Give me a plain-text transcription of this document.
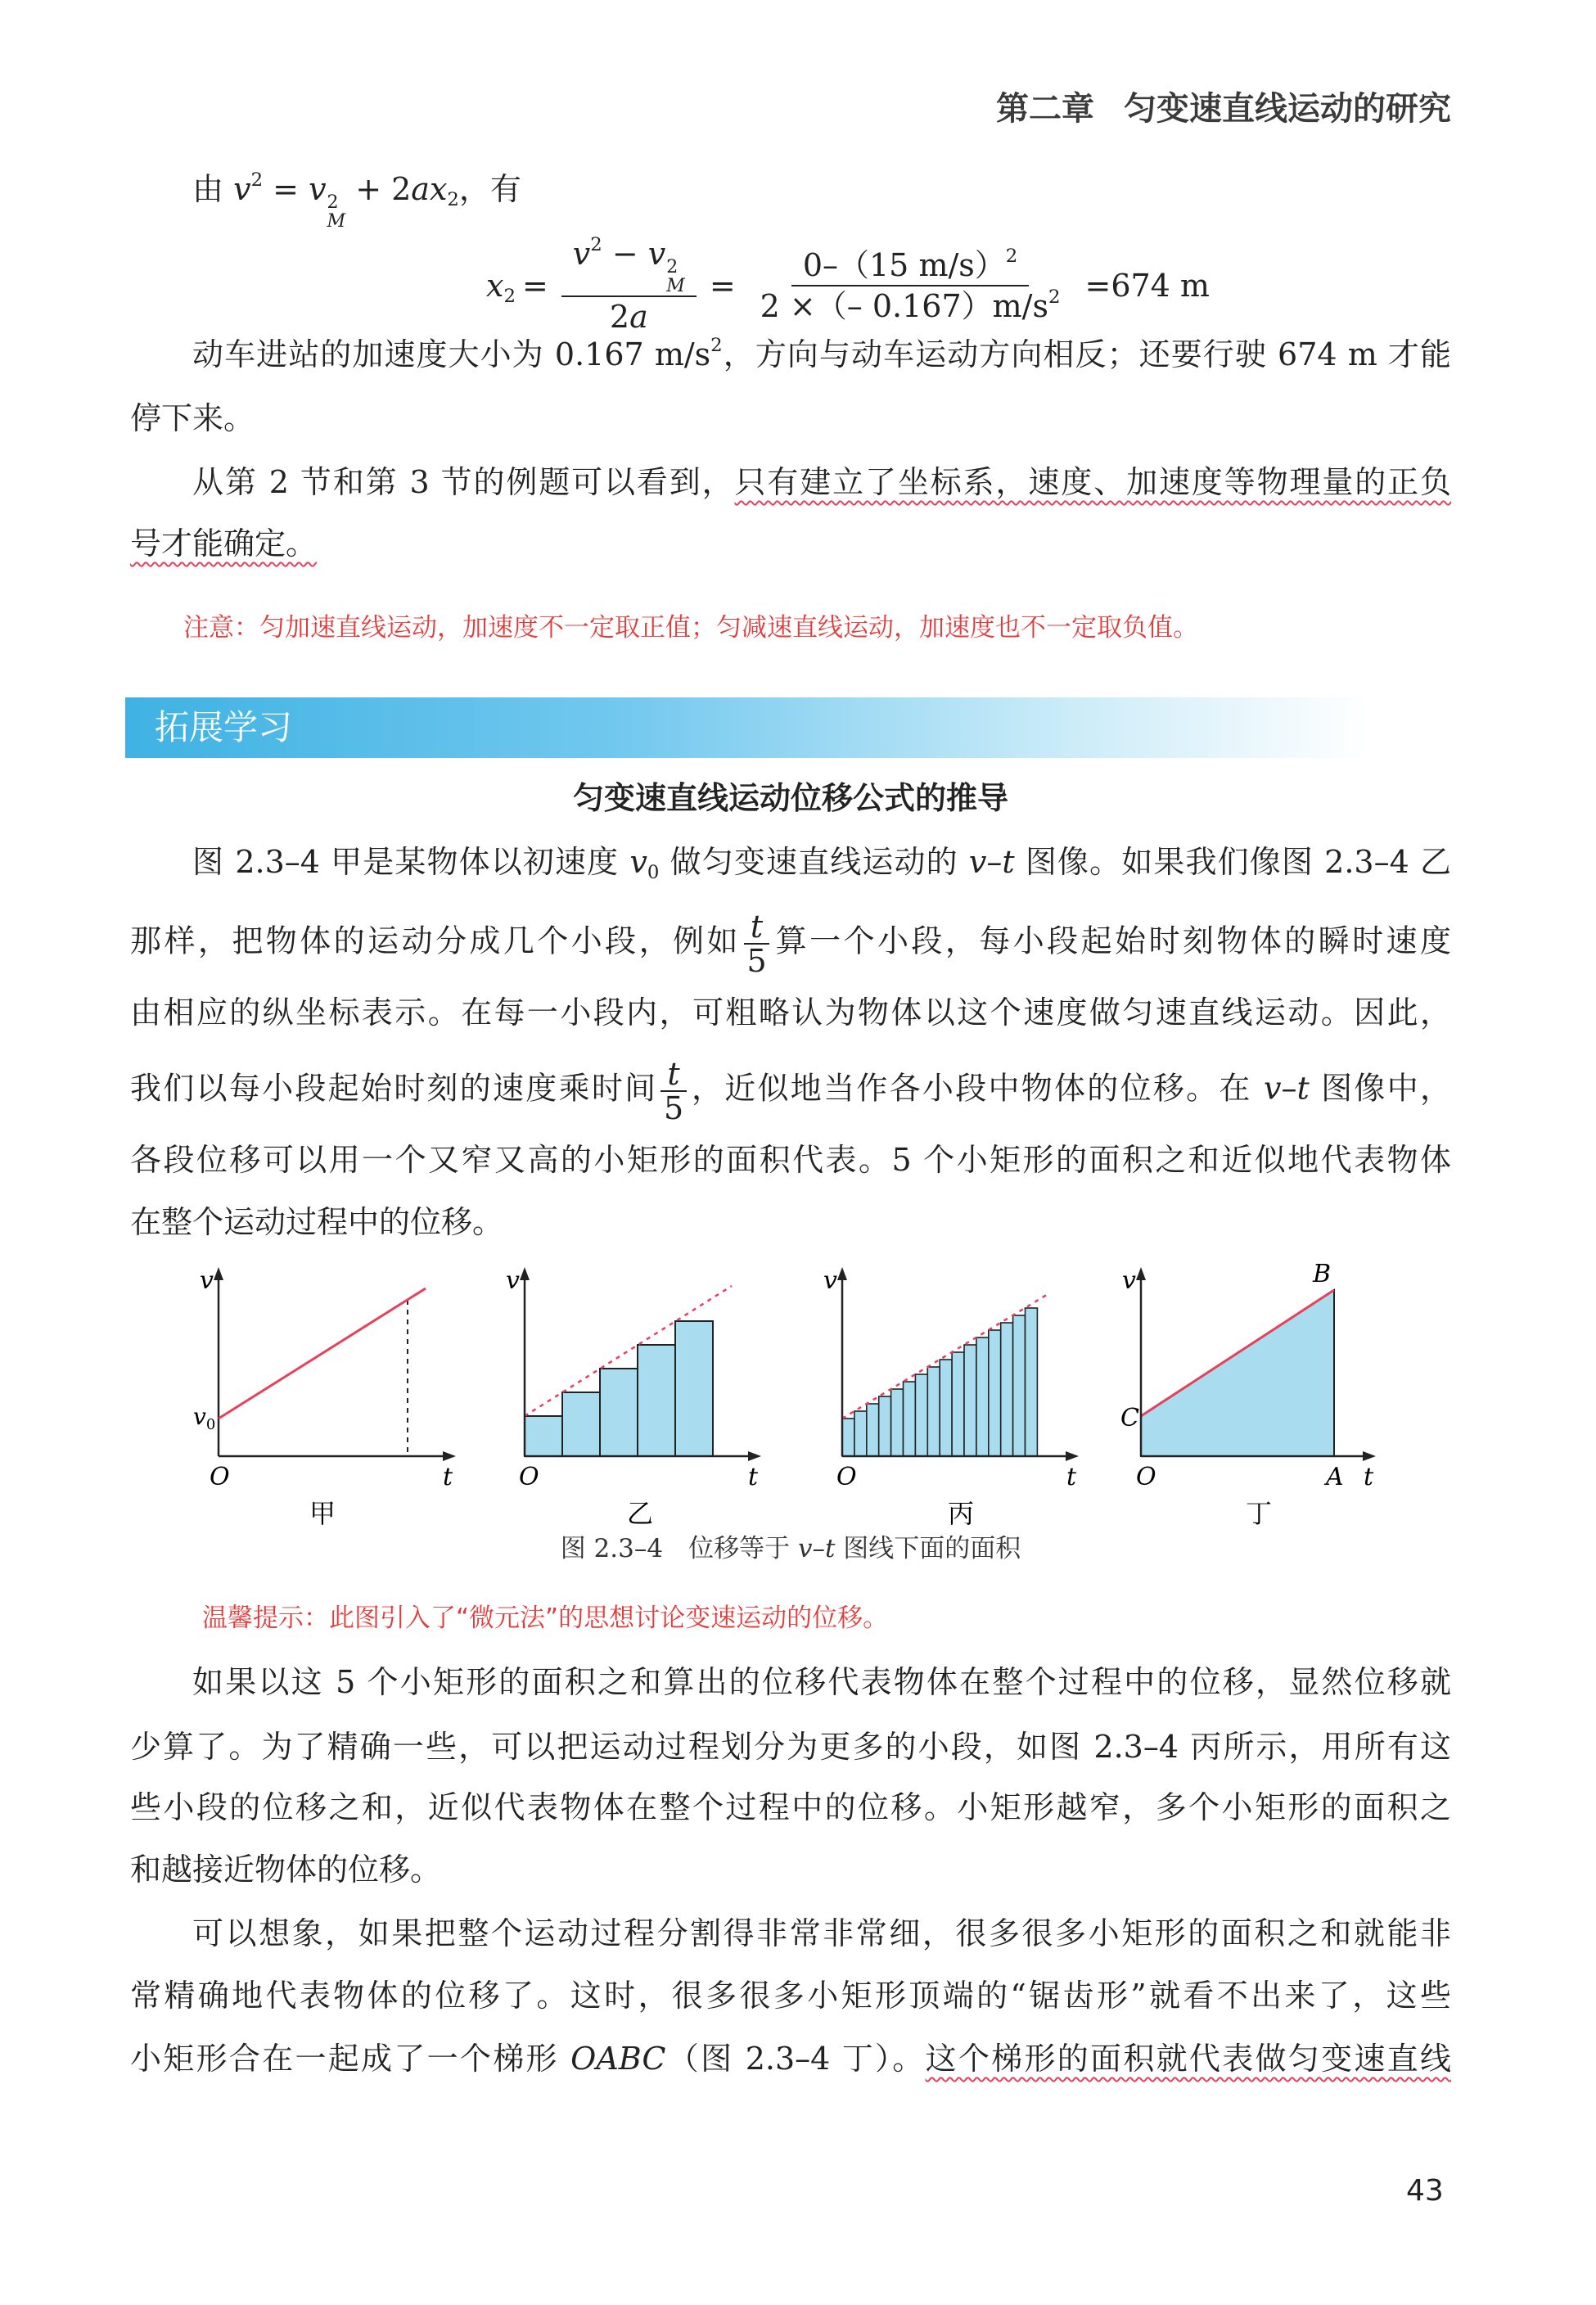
第二章 匀变速直线运动的研究
由 $v^2 = v$ 2
M
+ $2ax_2$，有
$x_2 = v^2 - v$ 2
M
$2a = \frac{0-(15 m/s)^2}{2 \times(- 0.167)m/s^2} =674$ m
动车进站的加速度大小为 0.167 $m/s^2$，方向与动车运动方向相反；还要行驶 674 m 才能
停下来。
从第 2 节和第 3 节的例题可以看到，只有建立了坐标系，速度、加速度等物理量的正负
号才能确定。
注意：匀加速直线运动，加速度不一定取正值；匀减速直线运动，加速度也不一定取负值。
拓展学习
匀变速直线运动位移公式的推导
图 2.3–4 甲是某物体以初速度 $v_0$ 做匀变速直线运动的 v–t 图像。如果我们像图 2.3–4 乙
那样，把物体的运动分成几个小段，例如 $\frac{t}{5}$ 算一个小段，每小段起始时刻物体的瞬时速度
由相应的纵坐标表示。在每一小段内，可粗略认为物体以这个速度做匀速直线运动。因此，
我们以每小段起始时刻的速度乘时间 $\frac{t}{5}$ ，近似地当作各小段中物体的位移。在 v–t 图像中，
各段位移可以用一个又窄又高的小矩形的面积代表。5 个小矩形的面积之和近似地代表物体
在整个运动过程中的位移。
v
O	t
$v_0$
甲
v
O	t
乙
v
O	t
丙
v
O	A t
B
C
丁
图 2.3–4　位移等于 v–t 图线下面的面积
温馨提示：此图引入了“微元法”的思想讨论变速运动的位移。
如果以这 5 个小矩形的面积之和算出的位移代表物体在整个过程中的位移，显然位移就
少算了。为了精确一些，可以把运动过程划分为更多的小段，如图 2.3–4 丙所示，用所有这
些小段的位移之和，近似代表物体在整个过程中的位移。小矩形越窄，多个小矩形的面积之
和越接近物体的位移。
可以想象，如果把整个运动过程分割得非常非常细，很多很多小矩形的面积之和就能非
常精确地代表物体的位移了。这时，很多很多小矩形顶端的“锯齿形”就看不出来了，这些
小矩形合在一起成了一个梯形 OABC（图 2.3–4 丁）。这个梯形的面积就代表做匀变速直线
43
